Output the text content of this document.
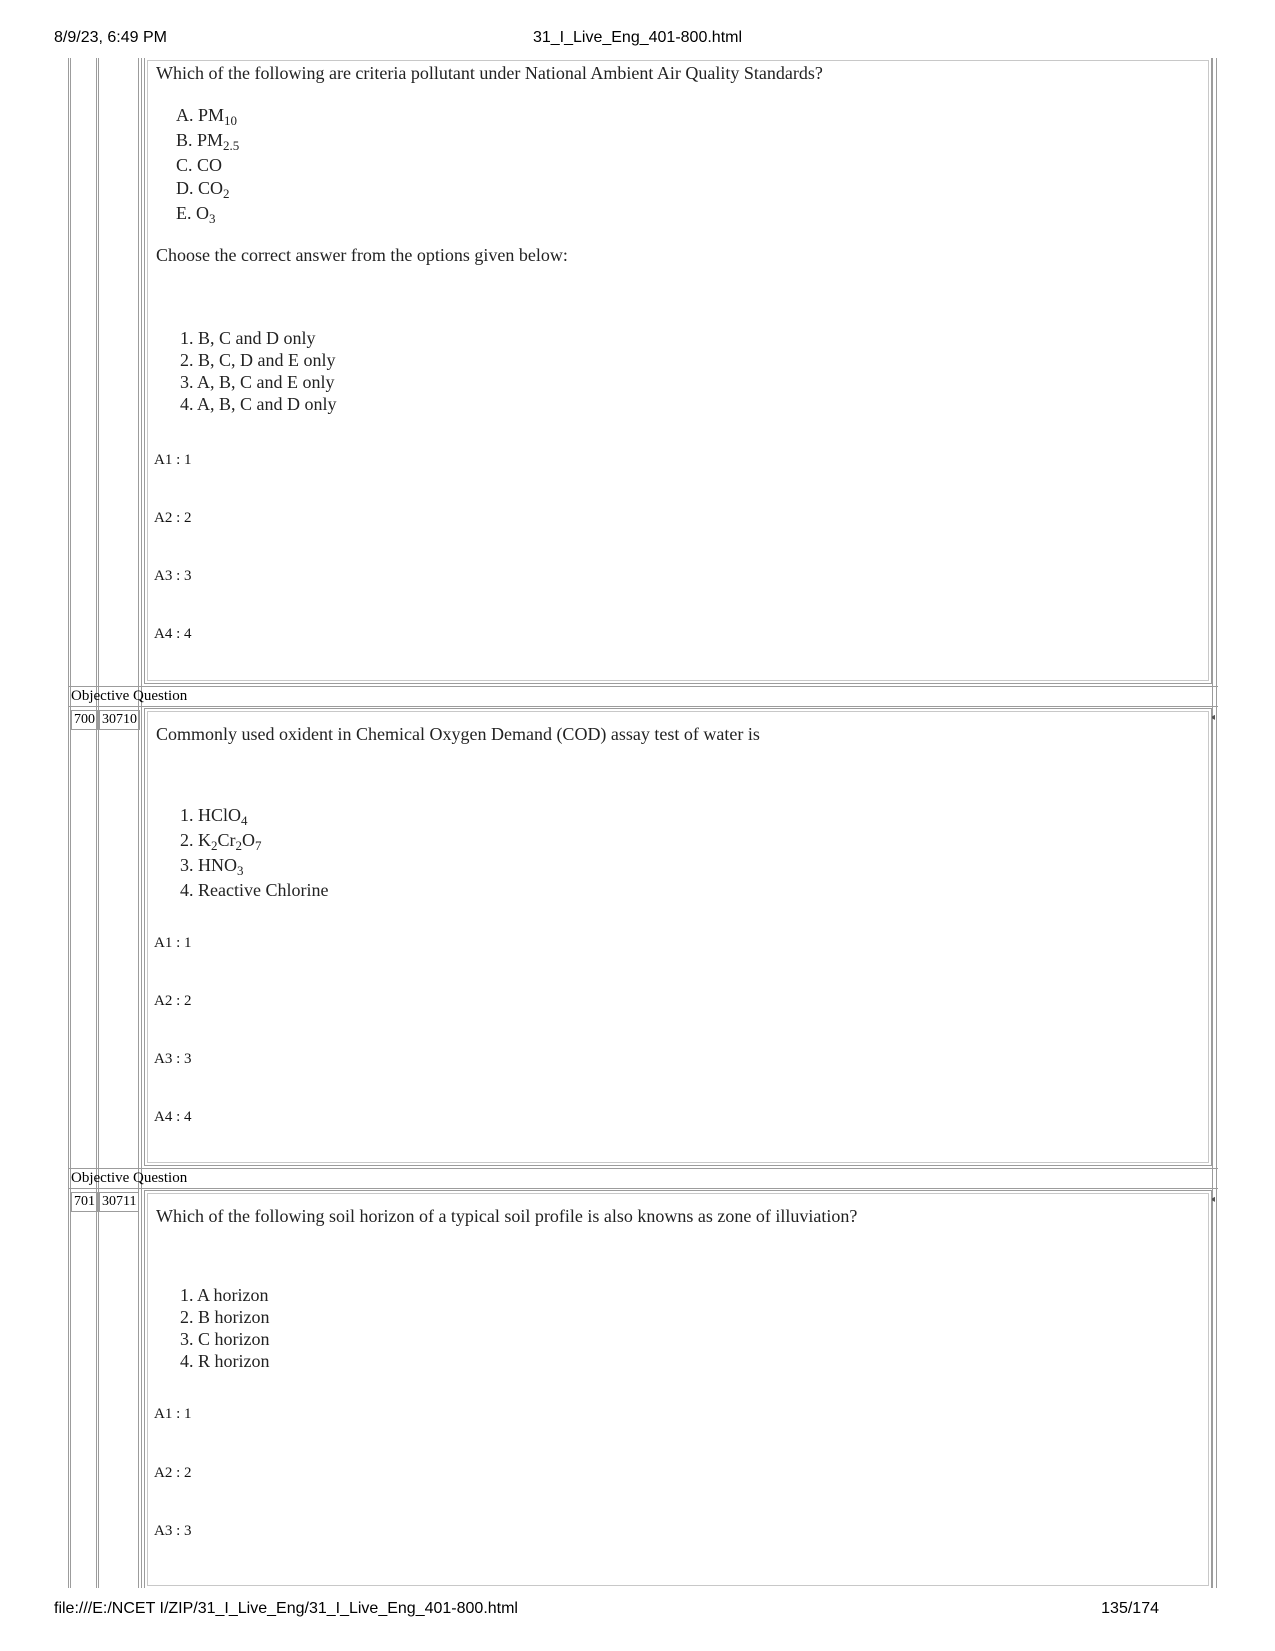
8/9/23, 6:49 PM	31_I_Live_Eng_401-800.html
Which of the following are criteria pollutant under National Ambient Air Quality Standards?
A. $PM_{10}$
B. $PM_{2.5}$
C. CO
D. $CO_2$
E. $O_3$
Choose the correct answer from the options given below:
1. B, C and D only
2. B, C, D and E only
3. A, B, C and E only
4. A, B, C and D only
A1 : 1
A2 : 2
A3 : 3
A4 : 4
Objective Question
700 30710	◂
Commonly used oxident in Chemical Oxygen Demand (COD) assay test of water is
1. HClO$_4$
2. $K_2Cr_2O_7$
3. $HNO_3$
4. Reactive Chlorine
A1 : 1
A2 : 2
A3 : 3
A4 : 4
Objective Question
701 30711	◂
Which of the following soil horizon of a typical soil profile is also knowns as zone of illuviation?
1. A horizon
2. B horizon
3. C horizon
4. R horizon
A1 : 1
A2 : 2
A3 : 3
file:///E:/NCET I/ZIP/31_I_Live_Eng/31_I_Live_Eng_401-800.html	135/174
